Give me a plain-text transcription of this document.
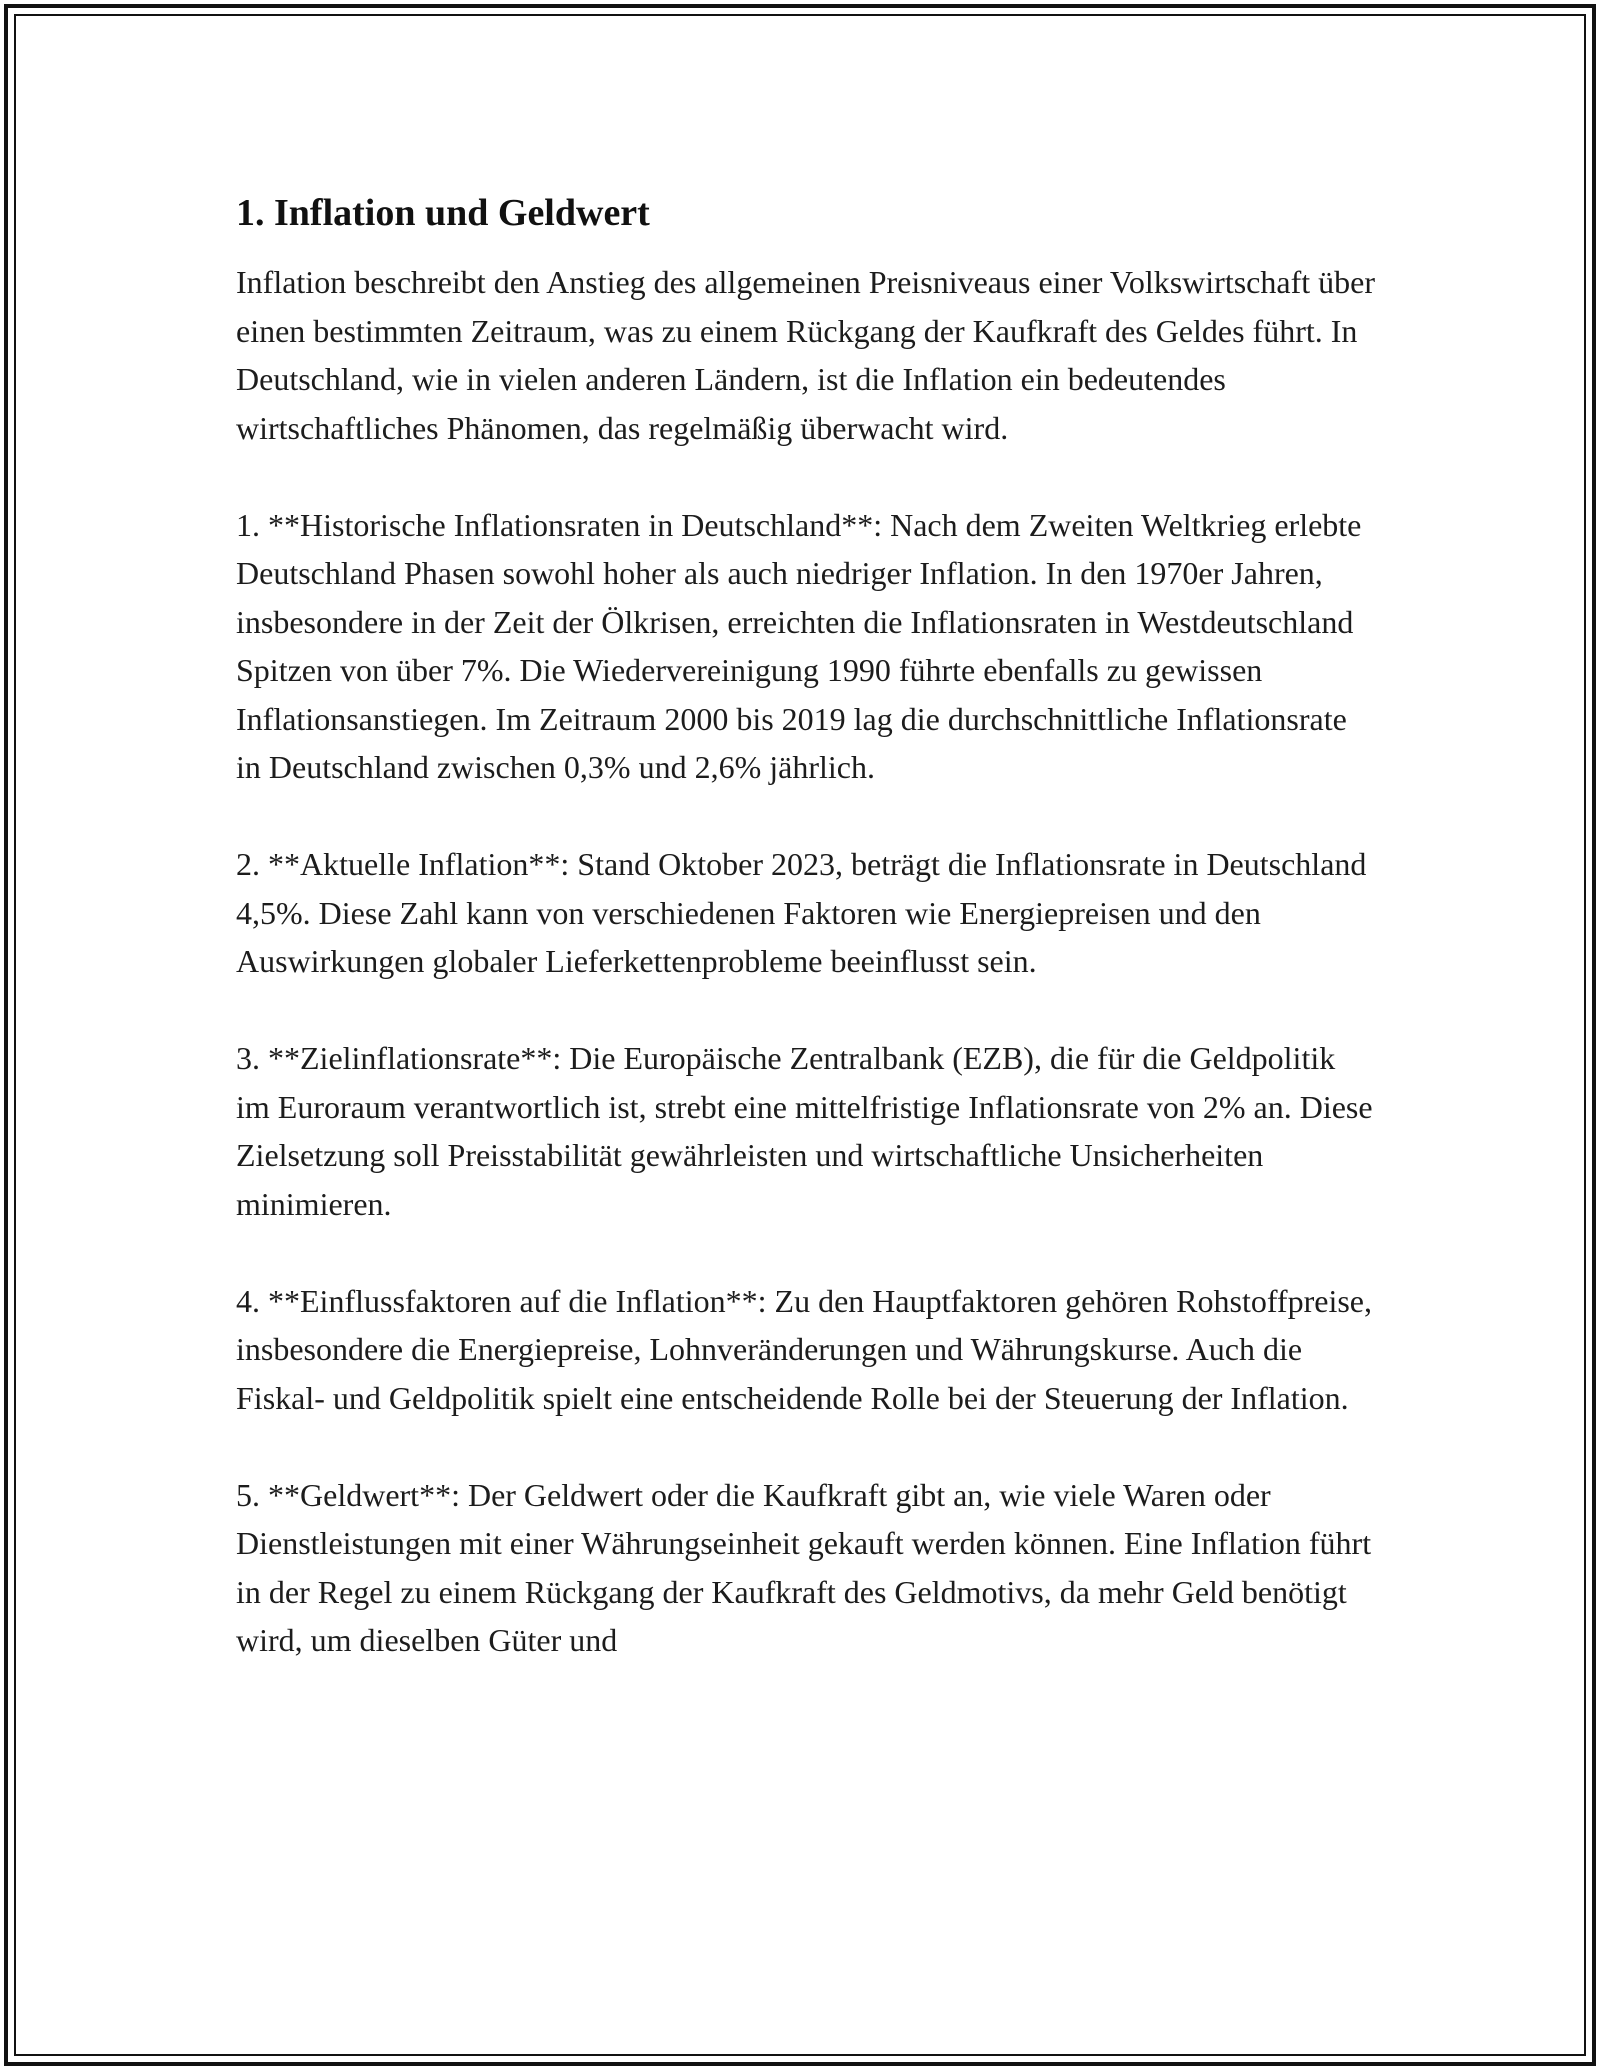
1. Inflation und Geldwert

Inflation beschreibt den Anstieg des allgemeinen Preisniveaus einer Volkswirtschaft über einen bestimmten Zeitraum, was zu einem Rückgang der Kaufkraft des Geldes führt. In Deutschland, wie in vielen anderen Ländern, ist die Inflation ein bedeutendes wirtschaftliches Phänomen, das regelmäßig überwacht wird.

1. **Historische Inflationsraten in Deutschland**: Nach dem Zweiten Weltkrieg erlebte Deutschland Phasen sowohl hoher als auch niedriger Inflation. In den 1970er Jahren, insbesondere in der Zeit der Ölkrisen, erreichten die Inflationsraten in Westdeutschland Spitzen von über 7%. Die Wiedervereinigung 1990 führte ebenfalls zu gewissen Inflationsanstiegen. Im Zeitraum 2000 bis 2019 lag die durchschnittliche Inflationsrate in Deutschland zwischen 0,3% und 2,6% jährlich.

2. **Aktuelle Inflation**: Stand Oktober 2023, beträgt die Inflationsrate in Deutschland 4,5%. Diese Zahl kann von verschiedenen Faktoren wie Energiepreisen und den Auswirkungen globaler Lieferkettenprobleme beeinflusst sein.

3. **Zielinflationsrate**: Die Europäische Zentralbank (EZB), die für die Geldpolitik im Euroraum verantwortlich ist, strebt eine mittelfristige Inflationsrate von 2% an. Diese Zielsetzung soll Preisstabilität gewährleisten und wirtschaftliche Unsicherheiten minimieren.

4. **Einflussfaktoren auf die Inflation**: Zu den Hauptfaktoren gehören Rohstoffpreise, insbesondere die Energiepreise, Lohnveränderungen und Währungskurse. Auch die Fiskal- und Geldpolitik spielt eine entscheidende Rolle bei der Steuerung der Inflation.

5. **Geldwert**: Der Geldwert oder die Kaufkraft gibt an, wie viele Waren oder Dienstleistungen mit einer Währungseinheit gekauft werden können. Eine Inflation führt in der Regel zu einem Rückgang der Kaufkraft des Geldmotivs, da mehr Geld benötigt wird, um dieselben Güter und
